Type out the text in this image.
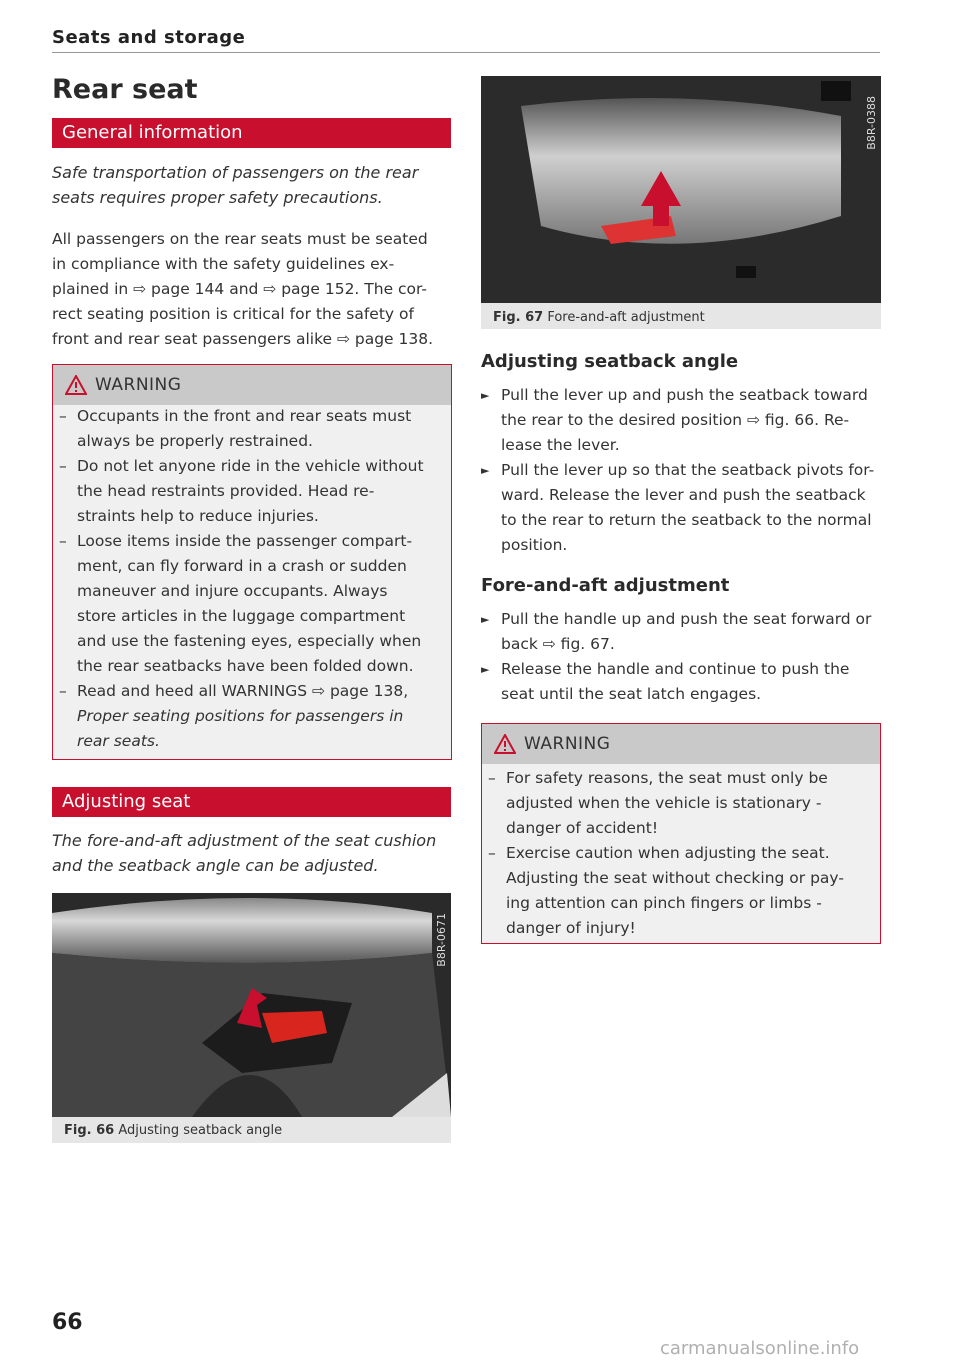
Seats and storage
Rear seat
General information
Safe transportation of passengers on the rear seats requires proper safety precautions.
All passengers on the rear seats must be seated
in compliance with the safety guidelines ex-
plained in ⇨ page 144 and ⇨ page 152. The cor-
rect seating position is critical for the safety of
front and rear seat passengers alike ⇨ page 138.
WARNING
– Occupants in the front and rear seats must
always be properly restrained.
– Do not let anyone ride in the vehicle without
the head restraints provided. Head re-
straints help to reduce injuries.
– Loose items inside the passenger compart-
ment, can fly forward in a crash or sudden
maneuver and injure occupants. Always
store articles in the luggage compartment
and use the fastening eyes, especially when
the rear seatbacks have been folded down.
– Read and heed all WARNINGS ⇨ page 138,
Proper seating positions for passengers in
rear seats.
Adjusting seat
The fore-and-aft adjustment of the seat cushion and the seatback angle can be adjusted.
B8R-0671
Fig. 66 Adjusting seatback angle
B8R-0388
Fig. 67 Fore-and-aft adjustment
Adjusting seatback angle
► Pull the lever up and push the seatback toward
the rear to the desired position ⇨ fig. 66. Re-
lease the lever.
► Pull the lever up so that the seatback pivots for-
ward. Release the lever and push the seatback
to the rear to return the seatback to the normal
position.
Fore-and-aft adjustment
► Pull the handle up and push the seat forward or
back ⇨ fig. 67.
► Release the handle and continue to push the
seat until the seat latch engages.
WARNING
– For safety reasons, the seat must only be
adjusted when the vehicle is stationary -
danger of accident!
– Exercise caution when adjusting the seat.
Adjusting the seat without checking or pay-
ing attention can pinch fingers or limbs -
danger of injury!
66
carmanualsonline.info
